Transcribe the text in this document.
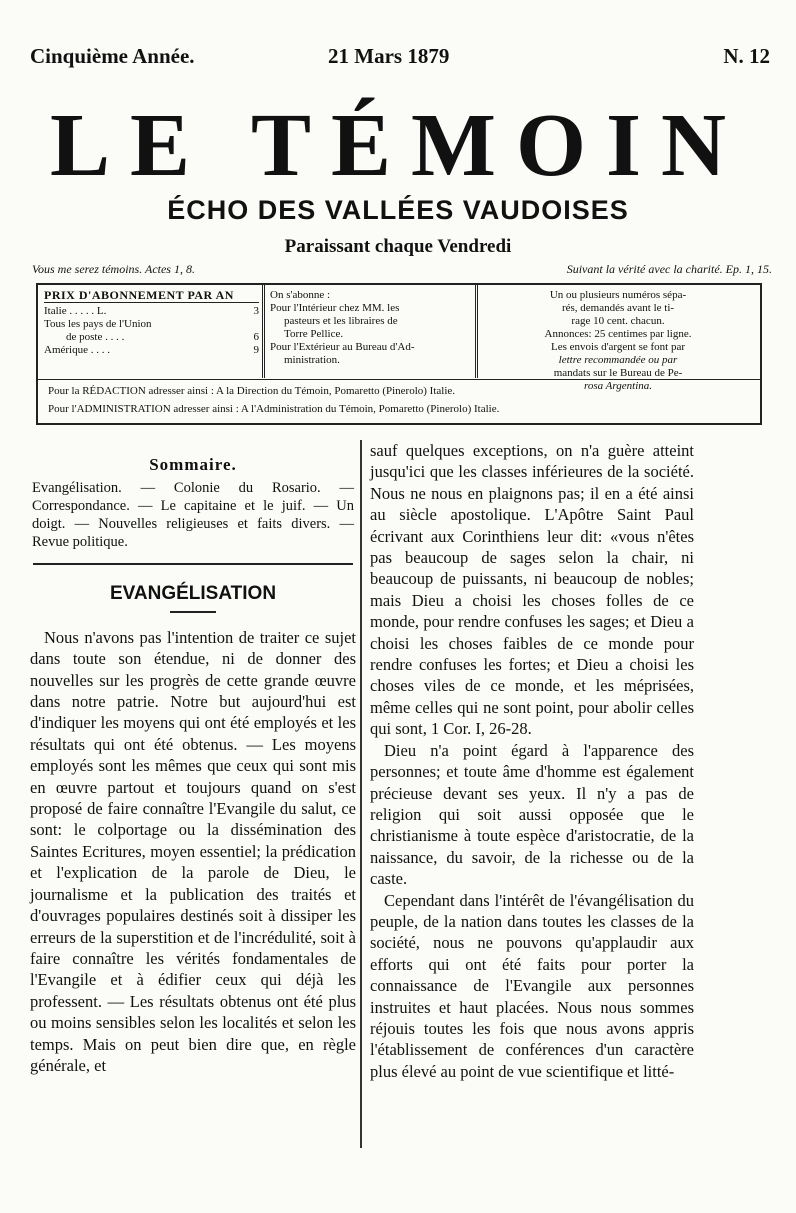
Cinquième Année.	21 Mars 1879	N. 12
LE TÉMOIN
ÉCHO DES VALLÉES VAUDOISES
Paraissant chaque Vendredi
Vous me serez témoins. Actes 1, 8.	Suivant la vérité avec la charité. Ep. 1, 15.
PRIX D'ABONNEMENT PAR AN
Italie . . . . . L.	3
Tous les pays de l'Union
de poste . . . .	6
Amérique . . . .	9
On s'abonne :
Pour l'Intérieur chez MM. les
pasteurs et les libraires de
Torre Pellice.
Pour l'Extérieur au Bureau d'Ad-
ministration.
Un ou plusieurs numéros sépa-
rés, demandés avant le ti-
rage 10 cent. chacun.
Annonces: 25 centimes par ligne.
Les envois d'argent se font par
lettre recommandée ou par
mandats sur le Bureau de Pe-
rosa Argentina.
Pour la RÉDACTION adresser ainsi : A la Direction du Témoin, Pomaretto (Pinerolo) Italie.
Pour l'ADMINISTRATION adresser ainsi : A l'Administration du Témoin, Pomaretto (Pinerolo) Italie.
Sommaire.

Evangélisation. — Colonie du Rosario. — Correspondance. — Le capitaine et le juif. — Un doigt. — Nouvelles religieuses et faits divers. — Revue politique.

EVANGÉLISATION

Nous n'avons pas l'intention de traiter ce sujet dans toute son étendue, ni de donner des nouvelles sur les progrès de cette grande œuvre dans notre patrie. Notre but aujourd'hui est d'indiquer les moyens qui ont été employés et les résultats qui ont été obtenus. — Les moyens employés sont les mêmes que ceux qui sont mis en œuvre partout et toujours quand on s'est proposé de faire connaître l'Evangile du salut, ce sont: le colportage ou la dissémination des Saintes Ecritures, moyen essentiel; la prédication et l'explication de la parole de Dieu, le journalisme et la publication des traités et d'ouvrages populaires destinés soit à dissiper les erreurs de la superstition et de l'incrédulité, soit à faire connaître les vérités fondamentales de l'Evangile et à édifier ceux qui déjà les professent. — Les résultats obtenus ont été plus ou moins sensibles selon les localités et selon les temps. Mais on peut bien dire que, en règle générale, et

sauf quelques exceptions, on n'a guère atteint jusqu'ici que les classes inférieures de la société. Nous ne nous en plaignons pas; il en a été ainsi au siècle apostolique. L'Apôtre Saint Paul écrivant aux Corinthiens leur dit: «vous n'êtes pas beaucoup de sages selon la chair, ni beaucoup de puissants, ni beaucoup de nobles; mais Dieu a choisi les choses folles de ce monde, pour rendre confuses les sages; et Dieu a choisi les choses faibles de ce monde pour rendre confuses les fortes; et Dieu a choisi les choses viles de ce monde, et les méprisées, même celles qui ne sont point, pour abolir celles qui sont, 1 Cor. I, 26-28.

Dieu n'a point égard à l'apparence des personnes; et toute âme d'homme est également précieuse devant ses yeux. Il n'y a pas de religion qui soit aussi opposée que le christianisme à toute espèce d'aristocratie, de la naissance, du savoir, de la richesse ou de la caste.

Cependant dans l'intérêt de l'évangélisation du peuple, de la nation dans toutes les classes de la société, nous ne pouvons qu'applaudir aux efforts qui ont été faits pour porter la connaissance de l'Evangile aux personnes instruites et haut placées. Nous nous sommes réjouis toutes les fois que nous avons appris l'établissement de conférences d'un caractère plus élevé au point de vue scientifique et litté-
